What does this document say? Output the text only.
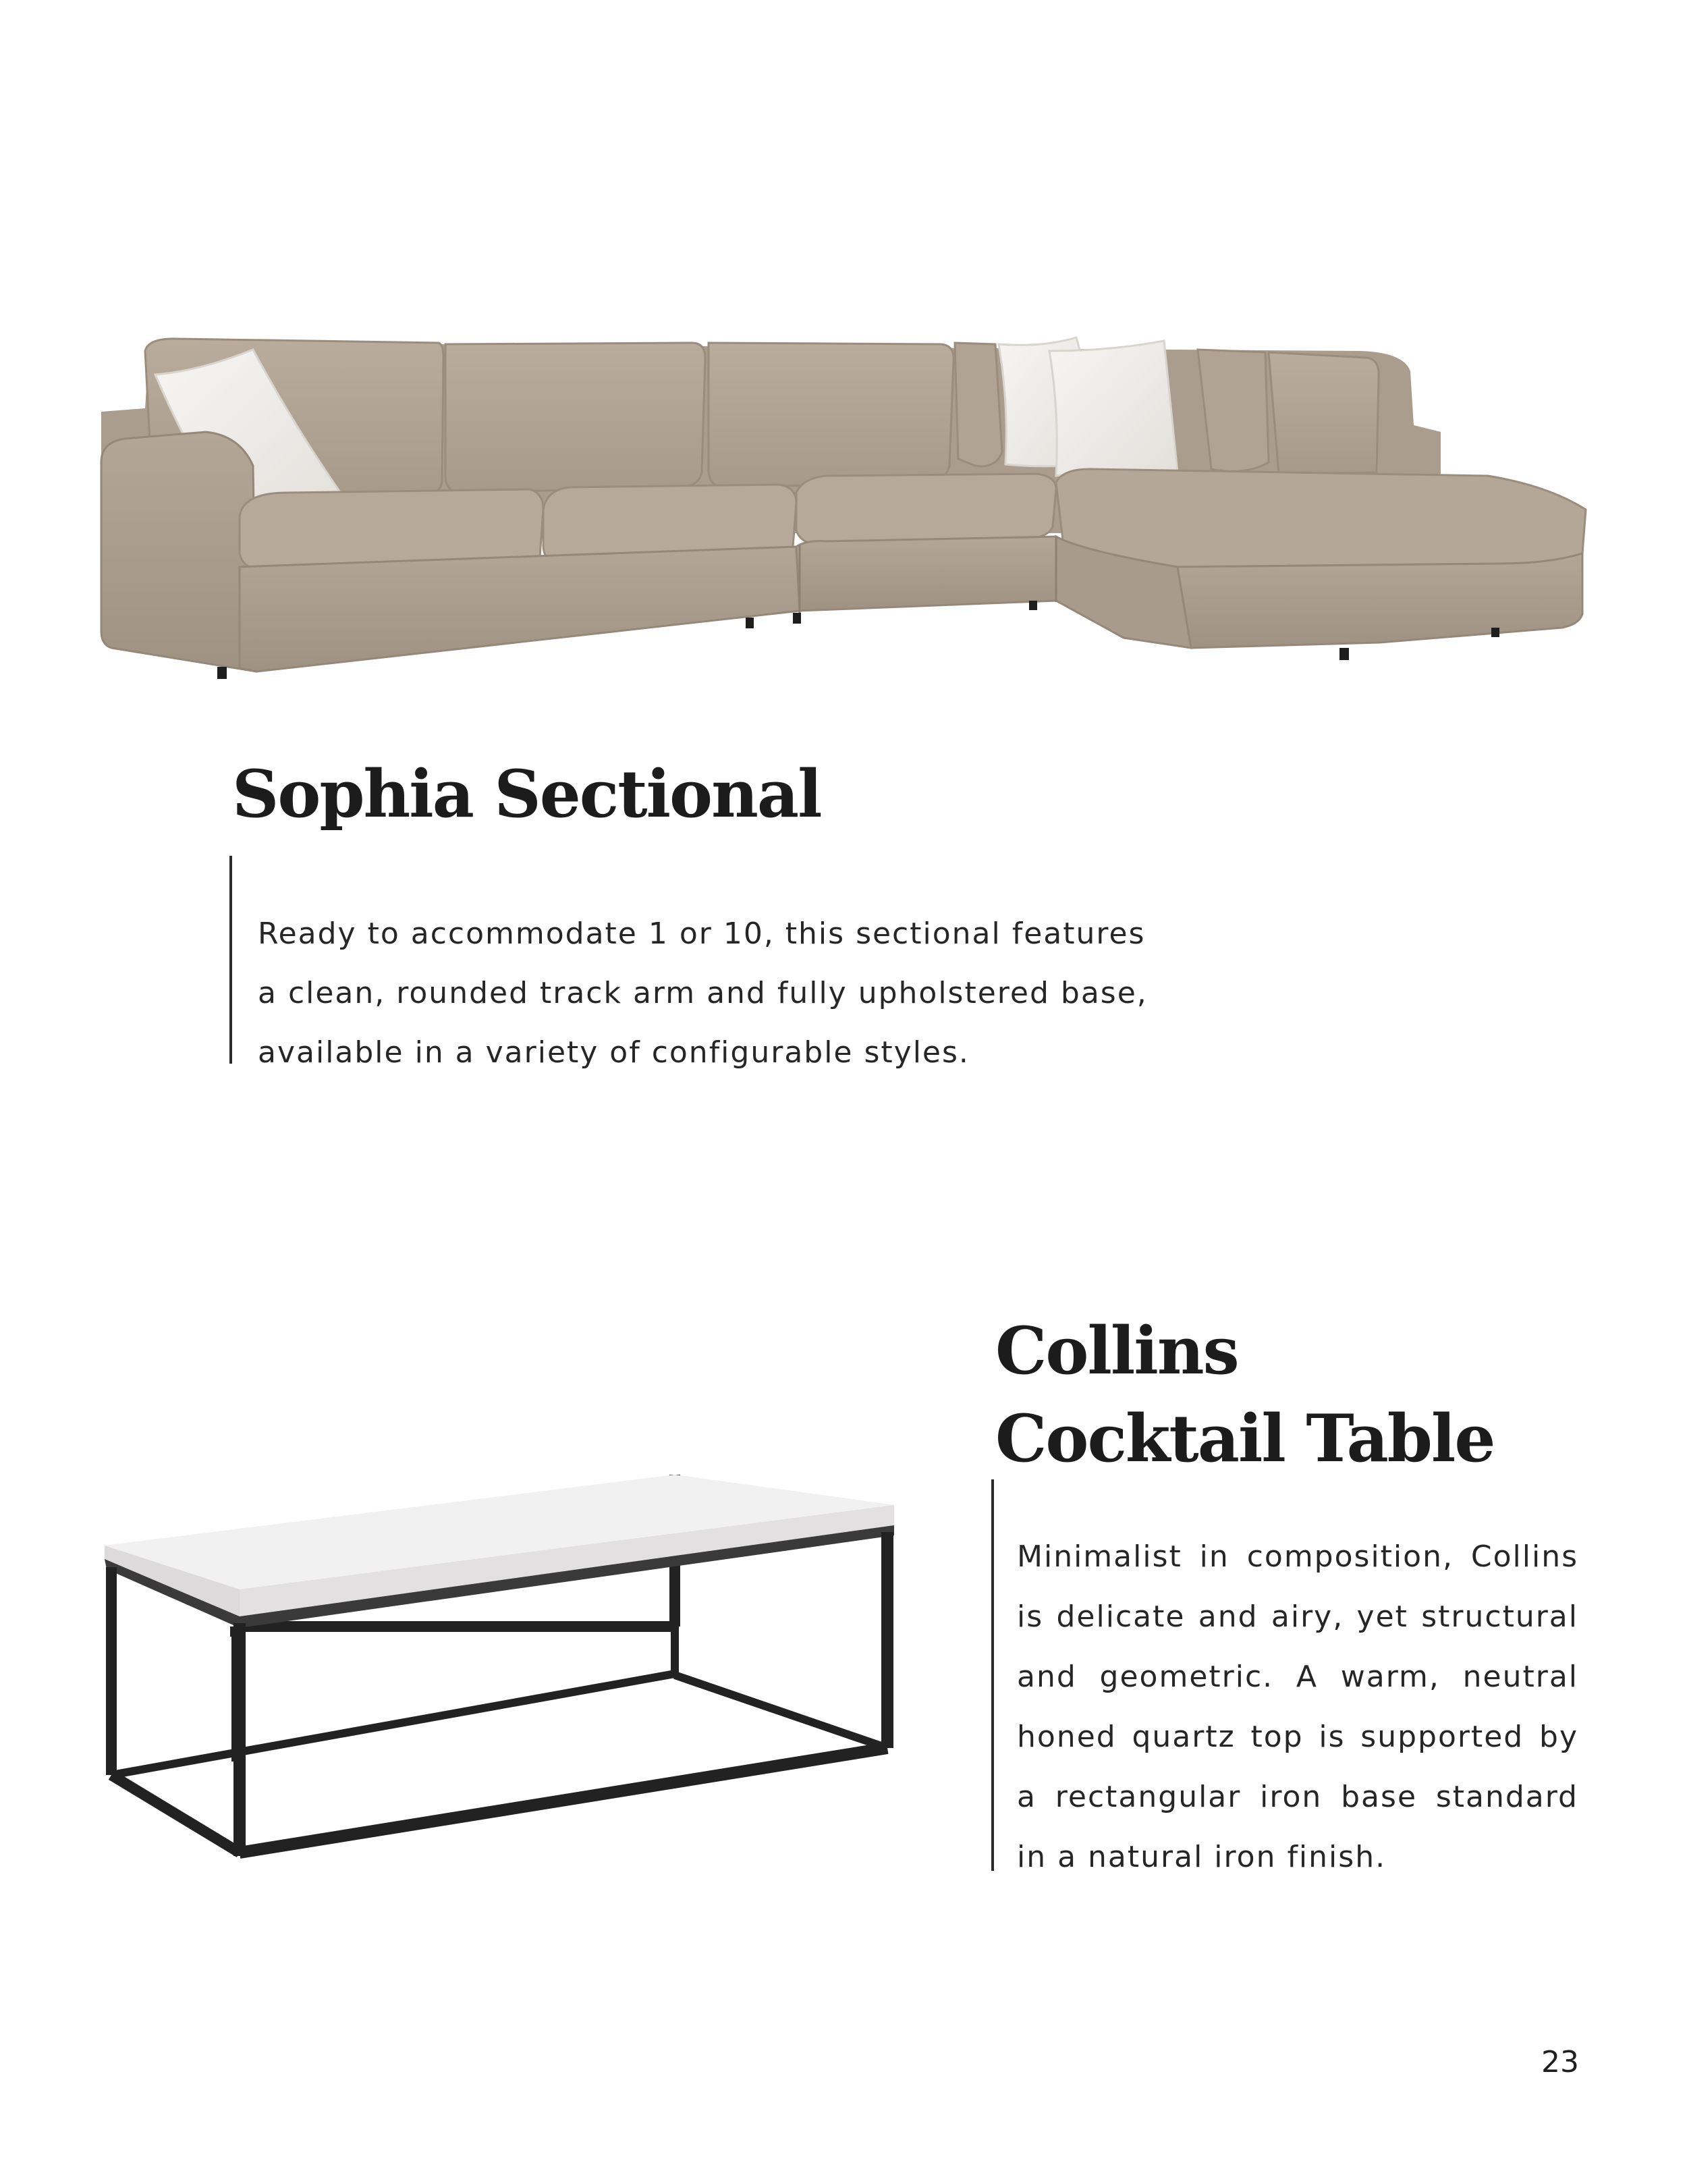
Sophia Sectional

Ready to accommodate 1 or 10, this sectional features
a clean, rounded track arm and fully upholstered base,
available in a variety of configurable styles.

Collins
Cocktail Table

Minimalist in composition, Collins
is delicate and airy, yet structural
and geometric. A warm, neutral
honed quartz top is supported by
a rectangular iron base standard
in a natural iron finish.

23
